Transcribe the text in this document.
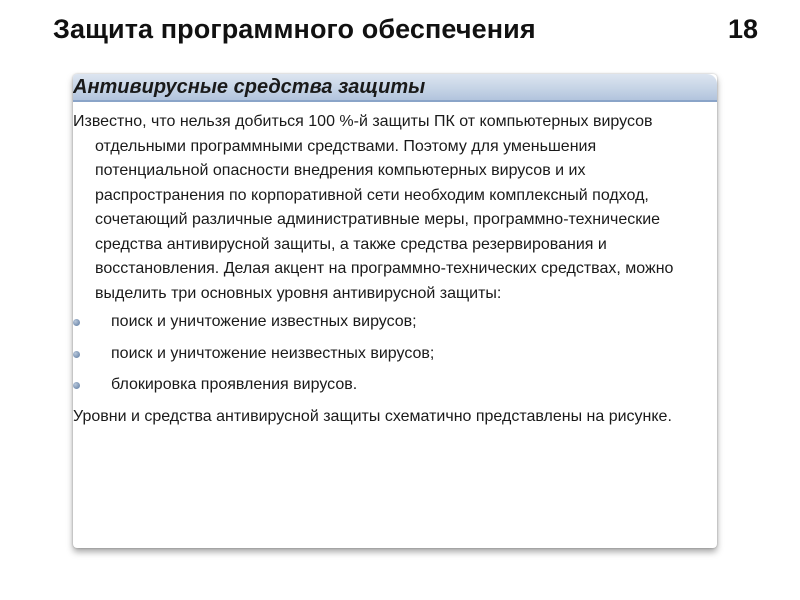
Защита программного обеспечения	18
Антивирусные средства защиты

Известно, что нельзя добиться 100 %-й защиты ПК от компьютерных вирусов отдельными программными средствами. Поэтому для уменьшения потенциальной опасности внедрения компьютерных вирусов и их распространения по корпоративной сети необходим комплексный подход, сочетающий различные административные меры, программно-технические средства антивирусной защиты, а также средства резервирования и восстановления. Делая акцент на программно-технических средствах, можно выделить три основных уровня антивирусной защиты:

поиск и уничтожение известных вирусов;
поиск и уничтожение неизвестных вирусов;
блокировка проявления вирусов.

Уровни и средства антивирусной защиты схематично представлены на рисунке.
